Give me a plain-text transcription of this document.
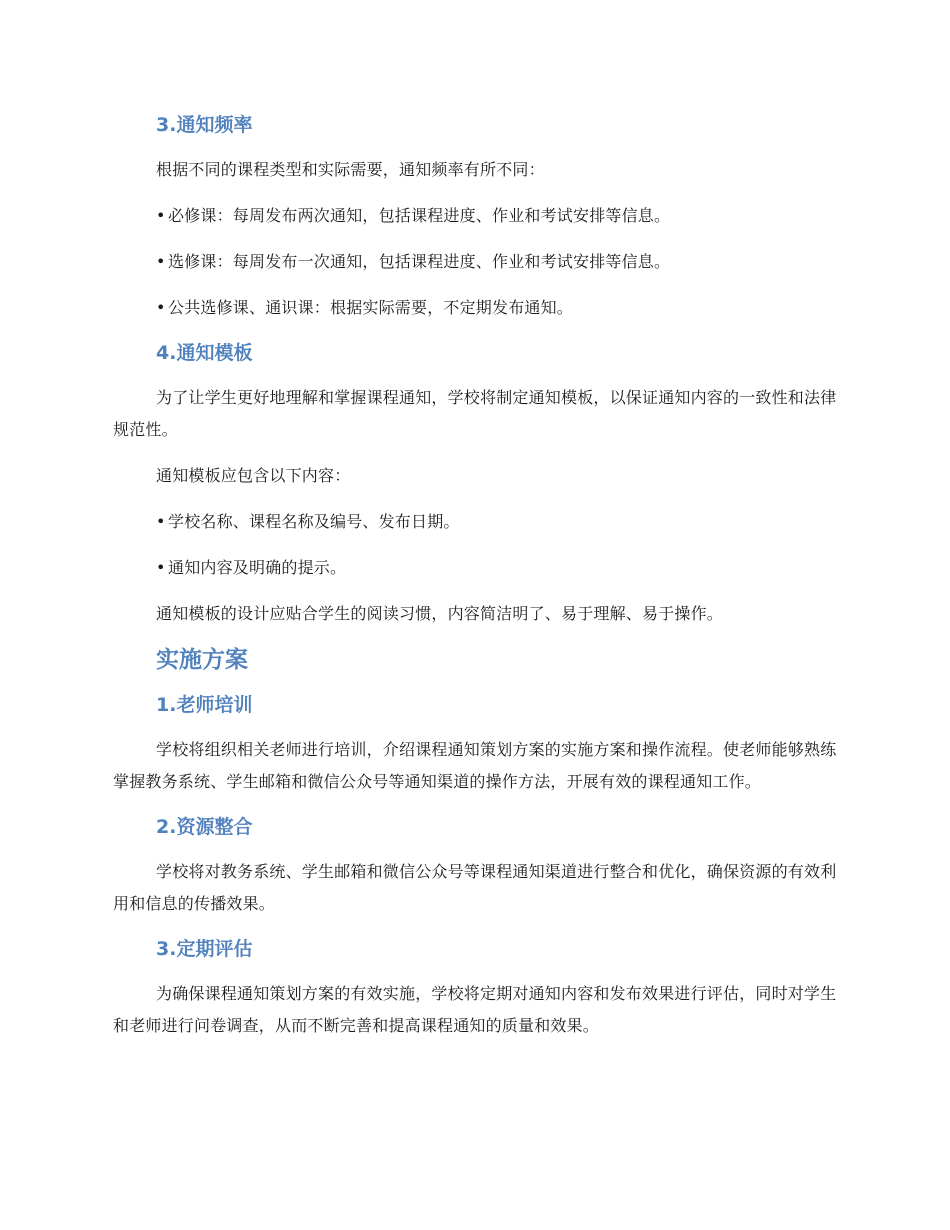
3.通知频率

根据不同的课程类型和实际需要，通知频率有所不同：

• 必修课：每周发布两次通知，包括课程进度、作业和考试安排等信息。

• 选修课：每周发布一次通知，包括课程进度、作业和考试安排等信息。

• 公共选修课、通识课：根据实际需要，不定期发布通知。

4.通知模板

为了让学生更好地理解和掌握课程通知，学校将制定通知模板，以保证通知内容的一致性和法律规范性。

通知模板应包含以下内容：

• 学校名称、课程名称及编号、发布日期。

• 通知内容及明确的提示。

通知模板的设计应贴合学生的阅读习惯，内容简洁明了、易于理解、易于操作。

实施方案
1.老师培训

学校将组织相关老师进行培训，介绍课程通知策划方案的实施方案和操作流程。使老师能够熟练掌握教务系统、学生邮箱和微信公众号等通知渠道的操作方法，开展有效的课程通知工作。

2.资源整合

学校将对教务系统、学生邮箱和微信公众号等课程通知渠道进行整合和优化，确保资源的有效利用和信息的传播效果。

3.定期评估

为确保课程通知策划方案的有效实施，学校将定期对通知内容和发布效果进行评估，同时对学生和老师进行问卷调查，从而不断完善和提高课程通知的质量和效果。
